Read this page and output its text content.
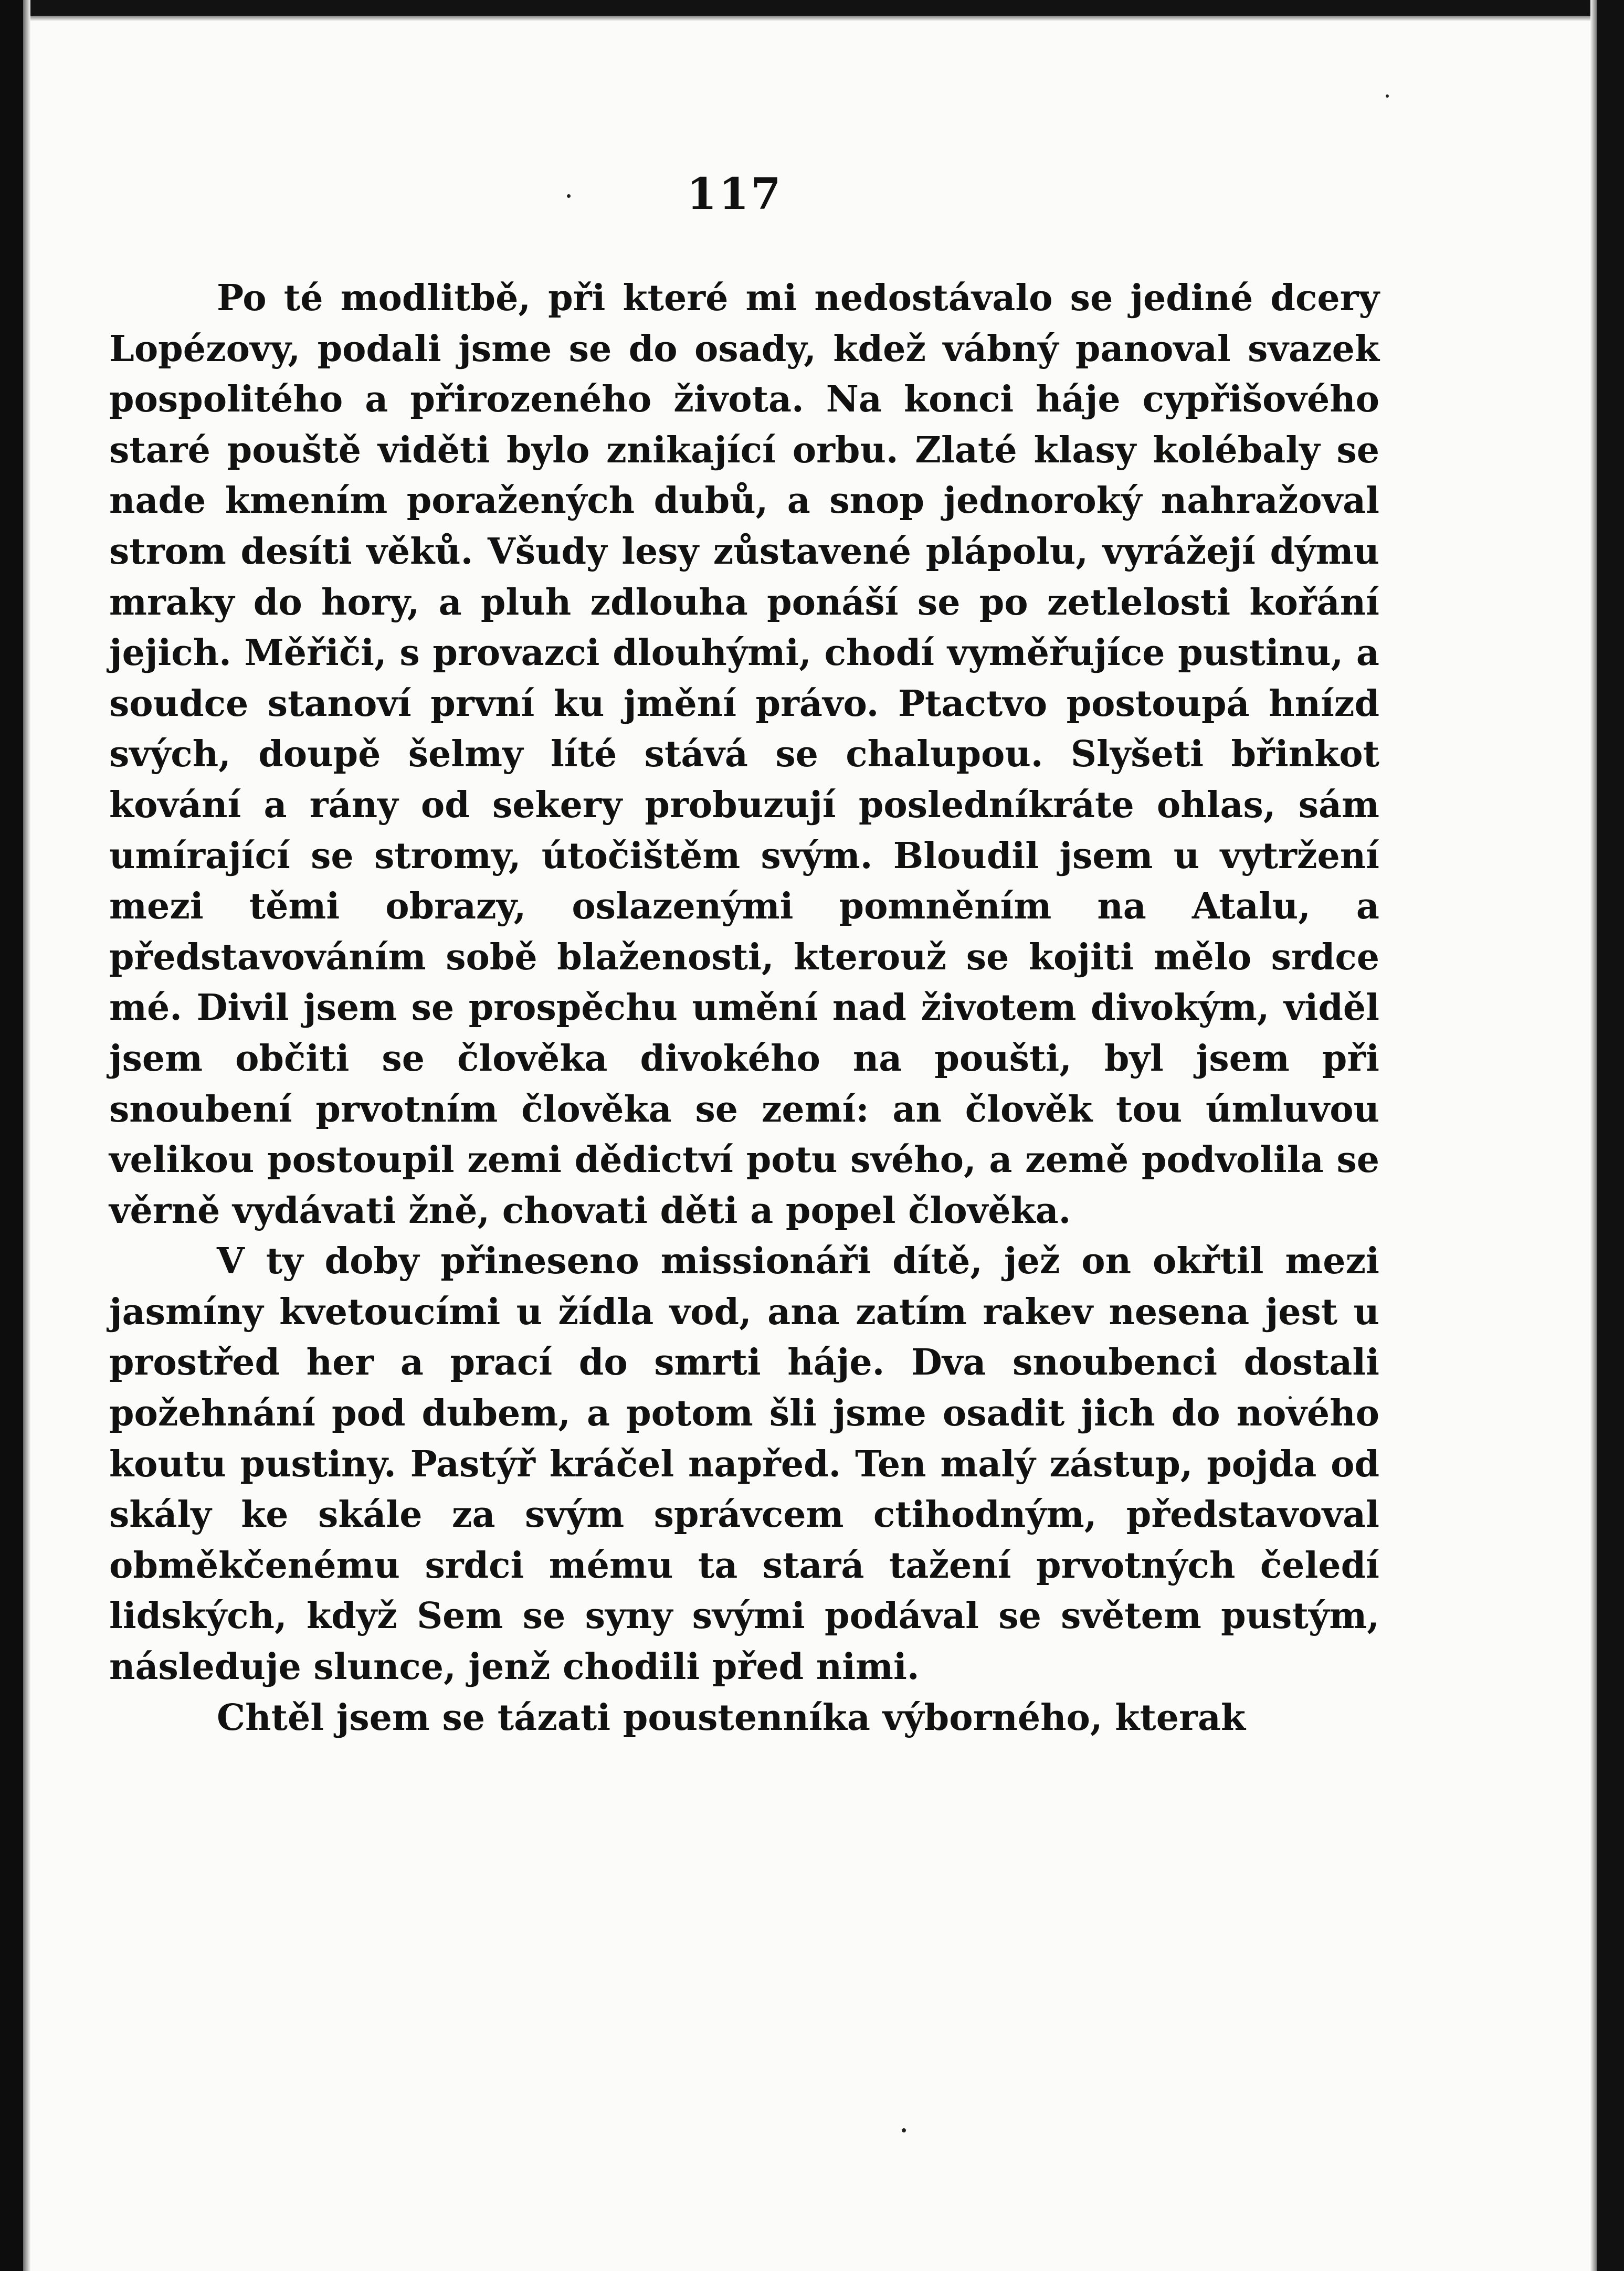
117

Po té modlitbě, při které mi nedostávalo se jediné dcery Lopézovy, podali jsme se do osady, kdež vábný panoval svazek pospolitého a přirozeného života. Na konci háje cypřišového staré pouště viděti bylo znikající orbu. Zlaté klasy kolébaly se nade kmením poražených dubů, a snop jednoroký nahražoval strom desíti věků. Všudy lesy zůstavené plápolu, vyrážejí dýmu mraky do hory, a pluh zdlouha ponáší se po zetlelosti kořání jejich. Měřiči, s provazci dlouhými, chodí vyměřujíce pustinu, a soudce stanoví první ku jmění právo. Ptactvo postoupá hnízd svých, doupě šelmy líté stává se chalupou. Slyšeti břinkot kování a rány od sekery probuzují posledníkráte ohlas, sám umírající se stromy, útočištěm svým. Bloudil jsem u vytržení mezi těmi obrazy, oslazenými pomněním na Atalu, a představováním sobě blaženosti, kterouž se kojiti mělo srdce mé. Divil jsem se prospěchu umění nad životem divokým, viděl jsem občiti se člověka divokého na poušti, byl jsem při snoubení prvotním člověka se zemí: an člověk tou úmluvou velikou postoupil zemi dědictví potu svého, a země podvolila se věrně vydávati žně, chovati děti a popel člověka.

V ty doby přineseno missionáři dítě, jež on okřtil mezi jasmíny kvetoucími u žídla vod, ana zatím rakev nesena jest u prostřed her a prací do smrti háje. Dva snoubenci dostali požehnání pod dubem, a potom šli jsme osadit jich do nového koutu pustiny. Pastýř kráčel napřed. Ten malý zástup, pojda od skály ke skále za svým správcem ctihodným, představoval obměkčenému srdci mému ta stará tažení prvotných čeledí lidských, když Sem se syny svými podával se světem pustým, následuje slunce, jenž chodili před nimi.

Chtěl jsem se tázati poustenníka výborného, kterak
